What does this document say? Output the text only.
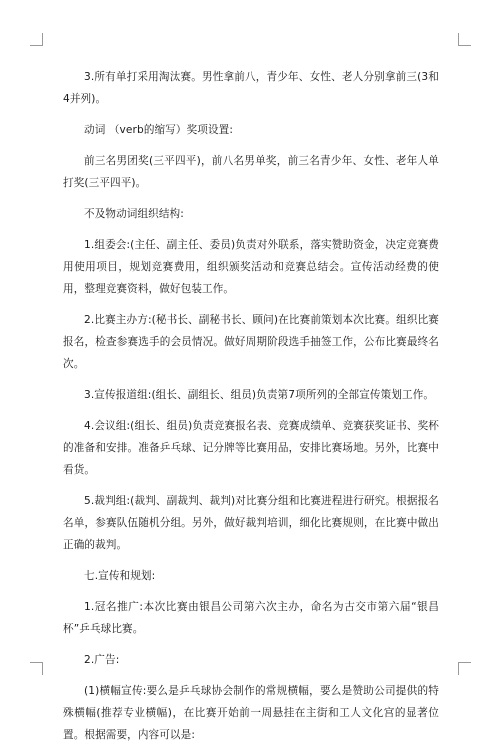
3.所有单打采用淘汰赛。男性拿前八，青少年、女性、老人分别拿前三(3和4并列)。

动词 （verb的缩写）奖项设置:

前三名男团奖(三平四平)，前八名男单奖，前三名青少年、女性、老年人单打奖(三平四平)。

不及物动词组织结构:

1.组委会:(主任、副主任、委员)负责对外联系，落实赞助资金，决定竞赛费用使用项目，规划竞赛费用，组织颁奖活动和竞赛总结会。宣传活动经费的使用，整理竞赛资料，做好包装工作。

2.比赛主办方:(秘书长、副秘书长、顾问)在比赛前策划本次比赛。组织比赛报名，检查参赛选手的会员情况。做好周期阶段选手抽签工作，公布比赛最终名次。

3.宣传报道组:(组长、副组长、组员)负责第7项所列的全部宣传策划工作。

4.会议组:(组长、组员)负责竞赛报名表、竞赛成绩单、竞赛获奖证书、奖杯的准备和安排。准备乒乓球、记分牌等比赛用品，安排比赛场地。另外，比赛中看货。

5.裁判组:(裁判、副裁判、裁判)对比赛分组和比赛进程进行研究。根据报名名单，参赛队伍随机分组。另外，做好裁判培训，细化比赛规则，在比赛中做出正确的裁判。

七.宣传和规划:

1.冠名推广:本次比赛由银昌公司第六次主办，命名为古交市第六届“银昌杯”乒乓球比赛。

2.广告:

(1)横幅宣传:要么是乒乓球协会制作的常规横幅，要么是赞助公司提供的特殊横幅(推荐专业横幅)，在比赛开始前一周悬挂在主街和工人文化宫的显著位置。根据需要，内容可以是:
